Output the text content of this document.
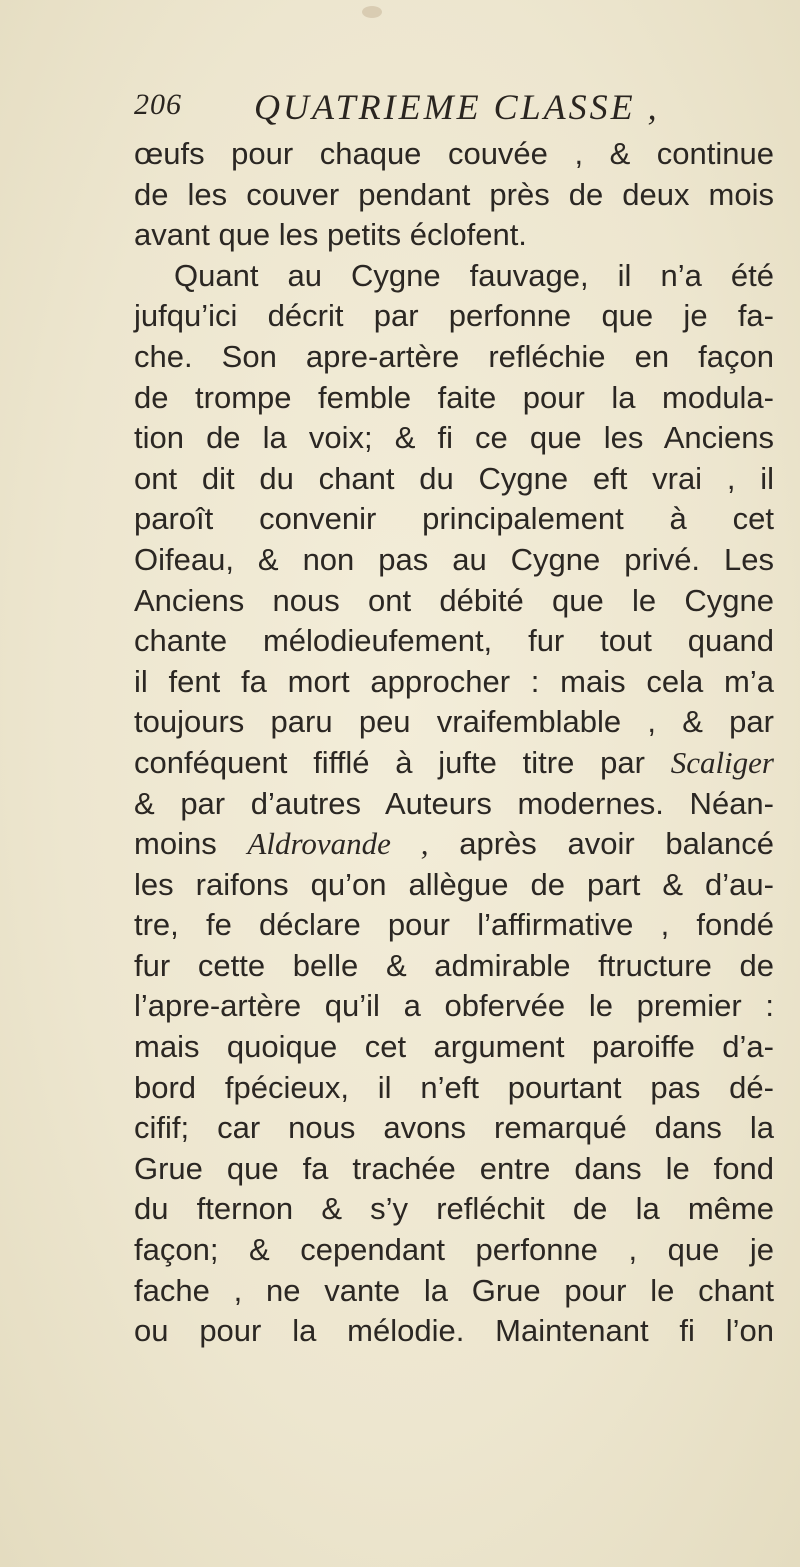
206 QUATRIEME CLASSE ,
œufs pour chaque couvée , & continue
de les couver pendant près de deux mois
avant que les petits éclofent.
Quant au Cygne fauvage, il n’a été
jufqu’ici décrit par perfonne que je fa-
che. Son apre-artère refléchie en façon
de trompe femble faite pour la modula-
tion de la voix; & fi ce que les Anciens
ont dit du chant du Cygne eft vrai , il
paroît convenir principalement à cet
Oifeau, & non pas au Cygne privé. Les
Anciens nous ont débité que le Cygne
chante mélodieufement, fur tout quand
il fent fa mort approcher : mais cela m’a
toujours paru peu vraifemblable , & par
conféquent fifflé à jufte titre par Scaliger
& par d’autres Auteurs modernes. Néan-
moins Aldrovande , après avoir balancé
les raifons qu’on allègue de part & d’au-
tre, fe déclare pour l’affirmative , fondé
fur cette belle & admirable ftructure de
l’apre-artère qu’il a obfervée le premier :
mais quoique cet argument paroiffe d’a-
bord fpécieux, il n’eft pourtant pas dé-
cifif; car nous avons remarqué dans la
Grue que fa trachée entre dans le fond
du fternon & s’y refléchit de la même
façon; & cependant perfonne , que je
fache , ne vante la Grue pour le chant
ou pour la mélodie. Maintenant fi l’on
